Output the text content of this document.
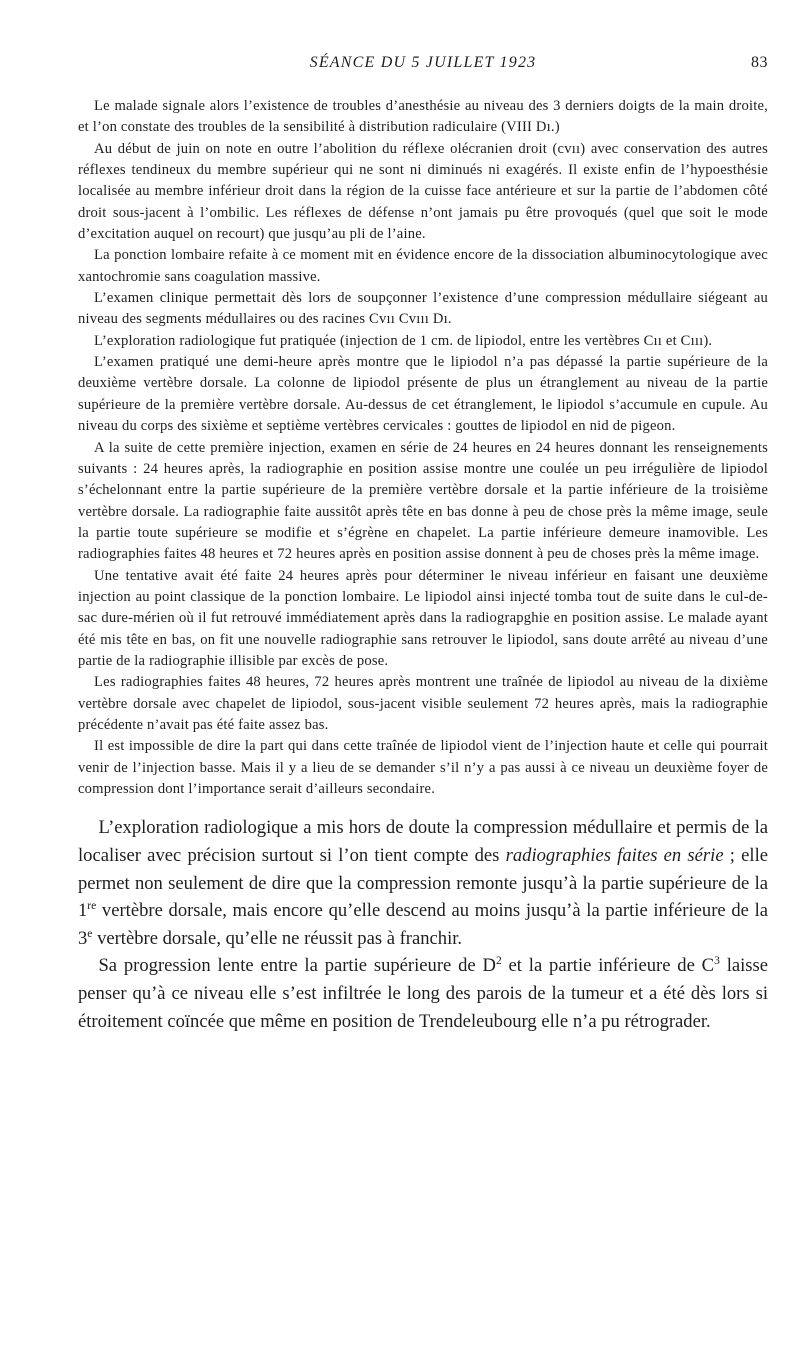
SÉANCE DU 5 JUILLET 1923	83

Le malade signale alors l’existence de troubles d’anesthésie au niveau des 3 derniers doigts de la main droite, et l’on constate des troubles de la sensibilité à distribution radiculaire (VIII Dı.)

Au début de juin on note en outre l’abolition du réflexe olécranien droit (cvıı) avec conservation des autres réflexes tendineux du membre supérieur qui ne sont ni diminués ni exagérés. Il existe enfin de l’hypoesthésie localisée au membre inférieur droit dans la région de la cuisse face antérieure et sur la partie de l’abdomen côté droit sous-jacent à l’ombilic. Les réflexes de défense n’ont jamais pu être provoqués (quel que soit le mode d’excitation auquel on recourt) que jusqu’au pli de l’aine.

La ponction lombaire refaite à ce moment mit en évidence encore de la dissociation albuminocytologique avec xantochromie sans coagulation massive.

L’examen clinique permettait dès lors de soupçonner l’existence d’une compression médullaire siégeant au niveau des segments médullaires ou des racines Cvıı Cvııı Dı.

L’exploration radiologique fut pratiquée (injection de 1 cm. de lipiodol, entre les vertèbres Cıı et Cııı).

L’examen pratiqué une demi-heure après montre que le lipiodol n’a pas dépassé la partie supérieure de la deuxième vertèbre dorsale. La colonne de lipiodol présente de plus un étranglement au niveau de la partie supérieure de la première vertèbre dorsale. Au-dessus de cet étranglement, le lipiodol s’accumule en cupule. Au niveau du corps des sixième et septième vertèbres cervicales : gouttes de lipiodol en nid de pigeon.

A la suite de cette première injection, examen en série de 24 heures en 24 heures donnant les renseignements suivants : 24 heures après, la radiographie en position assise montre une coulée un peu irrégulière de lipiodol s’échelonnant entre la partie supérieure de la première vertèbre dorsale et la partie inférieure de la troisième vertèbre dorsale. La radiographie faite aussitôt après tête en bas donne à peu de chose près la même image, seule la partie toute supérieure se modifie et s’égrène en chapelet. La partie inférieure demeure inamovible. Les radiographies faites 48 heures et 72 heures après en position assise donnent à peu de choses près la même image.

Une tentative avait été faite 24 heures après pour déterminer le niveau inférieur en faisant une deuxième injection au point classique de la ponction lombaire. Le lipiodol ainsi injecté tomba tout de suite dans le cul-de-sac dure-mérien où il fut retrouvé immédiatement après dans la radiograpghie en position assise. Le malade ayant été mis tête en bas, on fit une nouvelle radiographie sans retrouver le lipiodol, sans doute arrêté au niveau d’une partie de la radiographie illisible par excès de pose.

Les radiographies faites 48 heures, 72 heures après montrent une traînée de lipiodol au niveau de la dixième vertèbre dorsale avec chapelet de lipiodol, sous-jacent visible seulement 72 heures après, mais la radiographie précédente n’avait pas été faite assez bas.

Il est impossible de dire la part qui dans cette traînée de lipiodol vient de l’injection haute et celle qui pourrait venir de l’injection basse. Mais il y a lieu de se demander s’il n’y a pas aussi à ce niveau un deuxième foyer de compression dont l’importance serait d’ailleurs secondaire.

L’exploration radiologique a mis hors de doute la compression médullaire et permis de la localiser avec précision surtout si l’on tient compte des radiographies faites en série ; elle permet non seulement de dire que la compression remonte jusqu’à la partie supérieure de la 1re vertèbre dorsale, mais encore qu’elle descend au moins jusqu’à la partie inférieure de la 3e vertèbre dorsale, qu’elle ne réussit pas à franchir.

Sa progression lente entre la partie supérieure de $D^2$ et la partie inférieure de $C^3$ laisse penser qu’à ce niveau elle s’est infiltrée le long des parois de la tumeur et a été dès lors si étroitement coïncée que même en position de Trendeleubourg elle n’a pu rétrograder.
